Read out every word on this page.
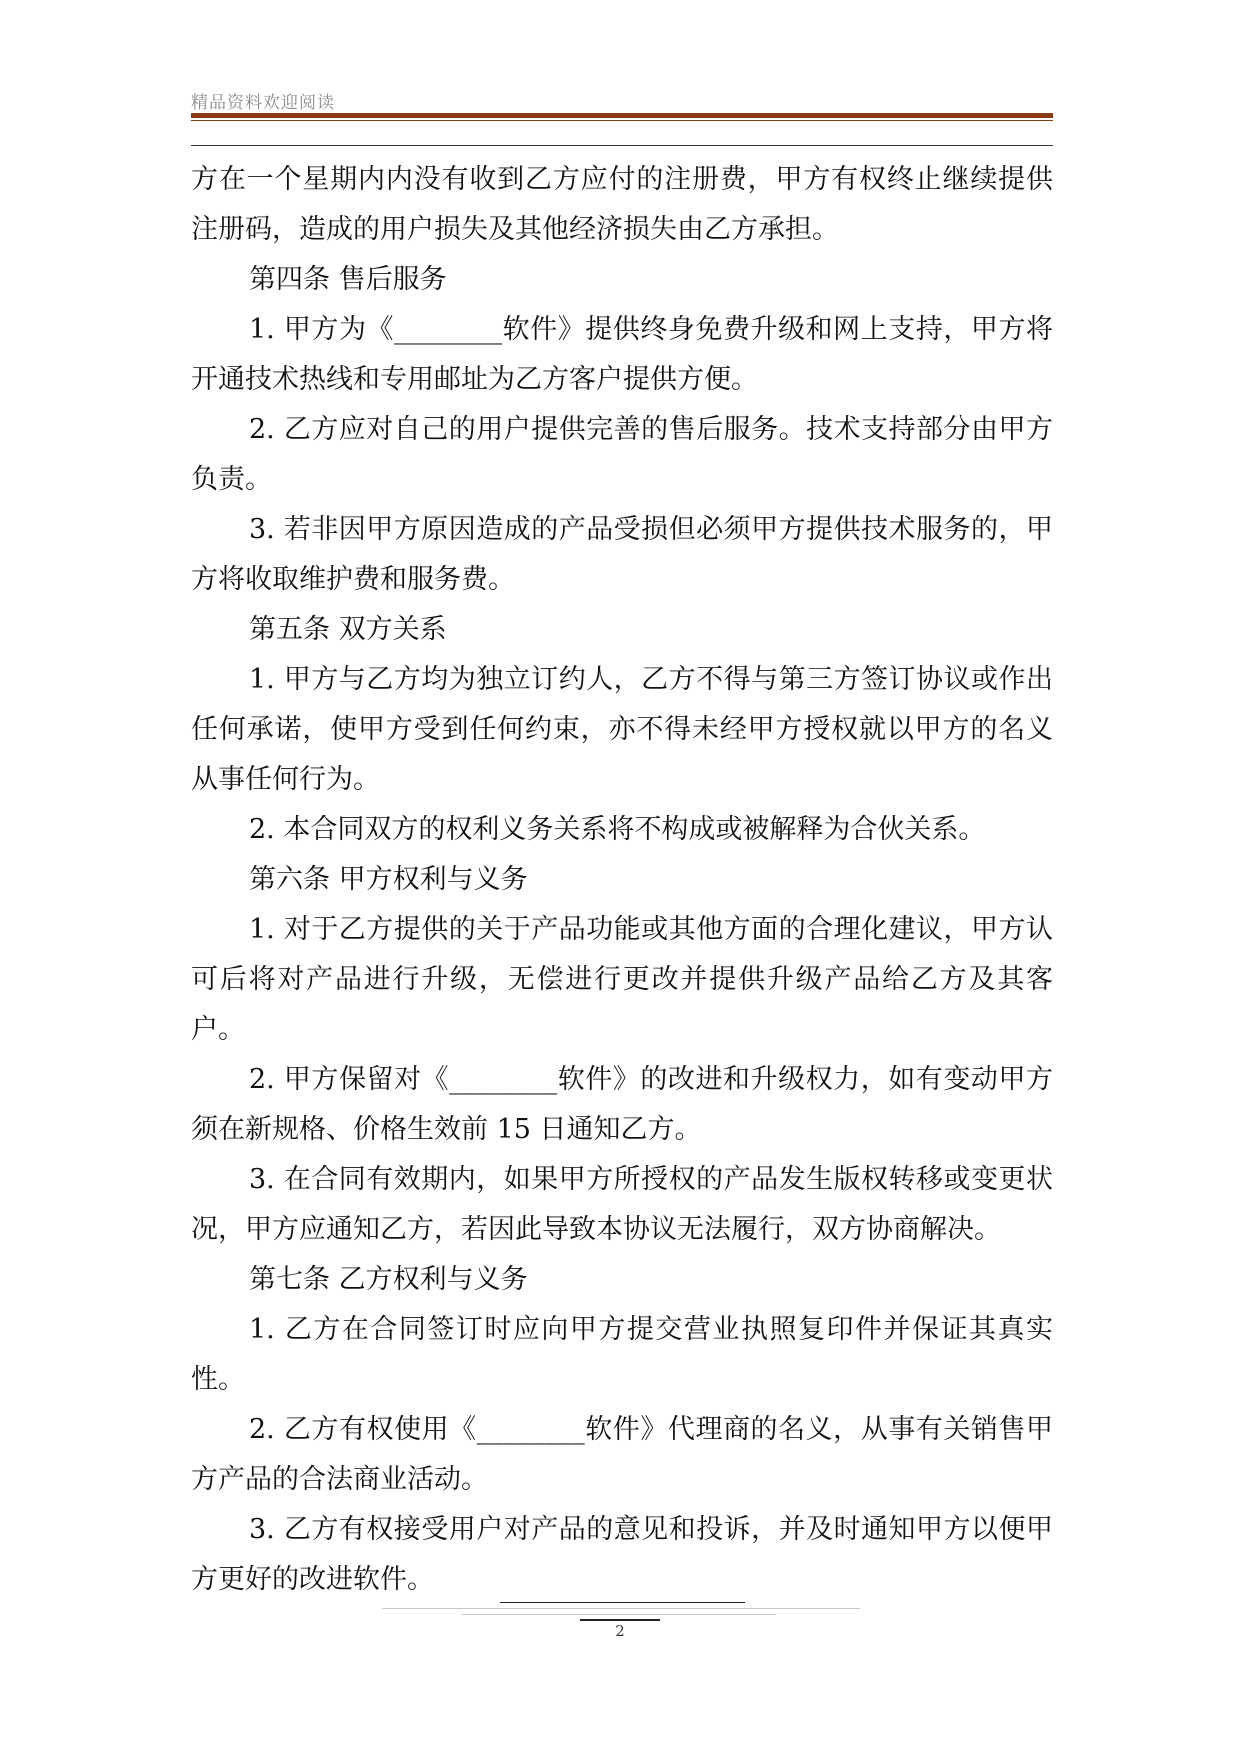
精品资料欢迎阅读

方在一个星期内内没有收到乙方应付的注册费，甲方有权终止继续提供注册码，造成的用户损失及其他经济损失由乙方承担。

第四条 售后服务

1. 甲方为《________软件》提供终身免费升级和网上支持，甲方将开通技术热线和专用邮址为乙方客户提供方便。

2. 乙方应对自己的用户提供完善的售后服务。技术支持部分由甲方负责。

3. 若非因甲方原因造成的产品受损但必须甲方提供技术服务的，甲方将收取维护费和服务费。

第五条 双方关系

1. 甲方与乙方均为独立订约人，乙方不得与第三方签订协议或作出任何承诺，使甲方受到任何约束，亦不得未经甲方授权就以甲方的名义从事任何行为。

2. 本合同双方的权利义务关系将不构成或被解释为合伙关系。

第六条 甲方权利与义务

1. 对于乙方提供的关于产品功能或其他方面的合理化建议，甲方认可后将对产品进行升级，无偿进行更改并提供升级产品给乙方及其客户。

2. 甲方保留对《________软件》的改进和升级权力，如有变动甲方须在新规格、价格生效前 15 日通知乙方。

3. 在合同有效期内，如果甲方所授权的产品发生版权转移或变更状况，甲方应通知乙方，若因此导致本协议无法履行，双方协商解决。

第七条 乙方权利与义务

1. 乙方在合同签订时应向甲方提交营业执照复印件并保证其真实性。

2. 乙方有权使用《________软件》代理商的名义，从事有关销售甲方产品的合法商业活动。

3. 乙方有权接受用户对产品的意见和投诉，并及时通知甲方以便甲方更好的改进软件。

2
